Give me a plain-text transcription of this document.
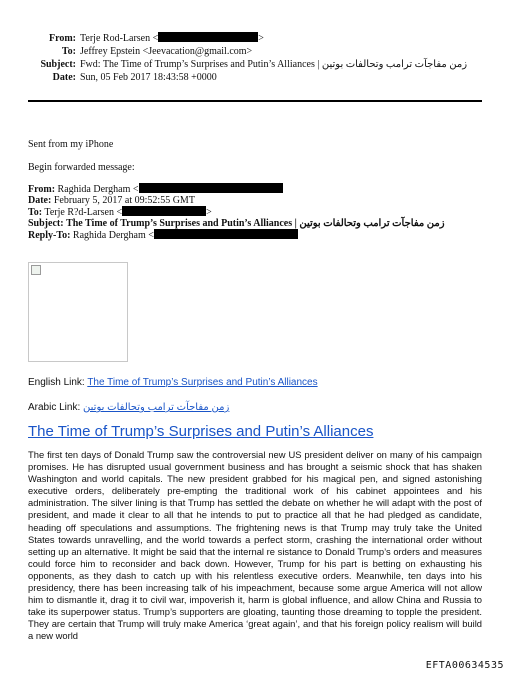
From: Terje Rod-Larsen <	>
To: Jeffrey Epstein <Jeevacation@gmail.com>
Subject: Fwd: The Time of Trump’s Surprises and Putin’s Alliances | زمن مفاجآت ترامب وتحالفات بوتين
Date: Sun, 05 Feb 2017 18:43:58 +0000
Sent from my iPhone
Begin forwarded message:
From: Raghida Dergham <
Date: February 5, 2017 at 09:52:55 GMT
To: Terje R?d-Larsen <	>
Subject: The Time of Trump’s Surprises and Putin’s Alliances | زمن مفاجآت ترامب وتحالفات بوتين
Reply-To: Raghida Dergham <
English Link: The Time of Trump’s Surprises and Putin’s Alliances
Arabic Link: زمن مفاجآت ترامب وتحالفات بوتين
The Time of Trump’s Surprises and Putin’s Alliances
The first ten days of Donald Trump saw the controversial new US president deliver on many of his campaign promises. He has disrupted usual government business and has brought a seismic shock that has shaken Washington and world capitals. The new president grabbed for his magical pen, and signed astonishing executive orders, deliberately pre-empting the traditional work of his cabinet appointees and his administration. The silver lining is that Trump has settled the debate on whether he will adapt with the post of president, and made it clear to all that he intends to put to practice all that he had pledged as candidate, heading off speculations and assumptions. The frightening news is that Trump may truly take the United States towards unravelling, and the world towards a perfect storm, crashing the international order without setting up an alternative. It might be said that the internal re sistance to Donald Trump’s orders and measures could force him to reconsider and back down. However, Trump for his part is betting on exhausting his opponents, as they dash to catch up with his relentless executive orders. Meanwhile, ten days into his presidency, there has been increasing talk of his impeachment, because some argue America will not allow him to dismantle it, drag it to civil war, impoverish it, harm is global influence, and allow China and Russia to take its superpower status. Trump’s supporters are gloating, taunting those dreaming to topple the president. They are certain that Trump will truly make America ‘great again’, and that his foreign policy realism will build a new world
EFTA00634535
